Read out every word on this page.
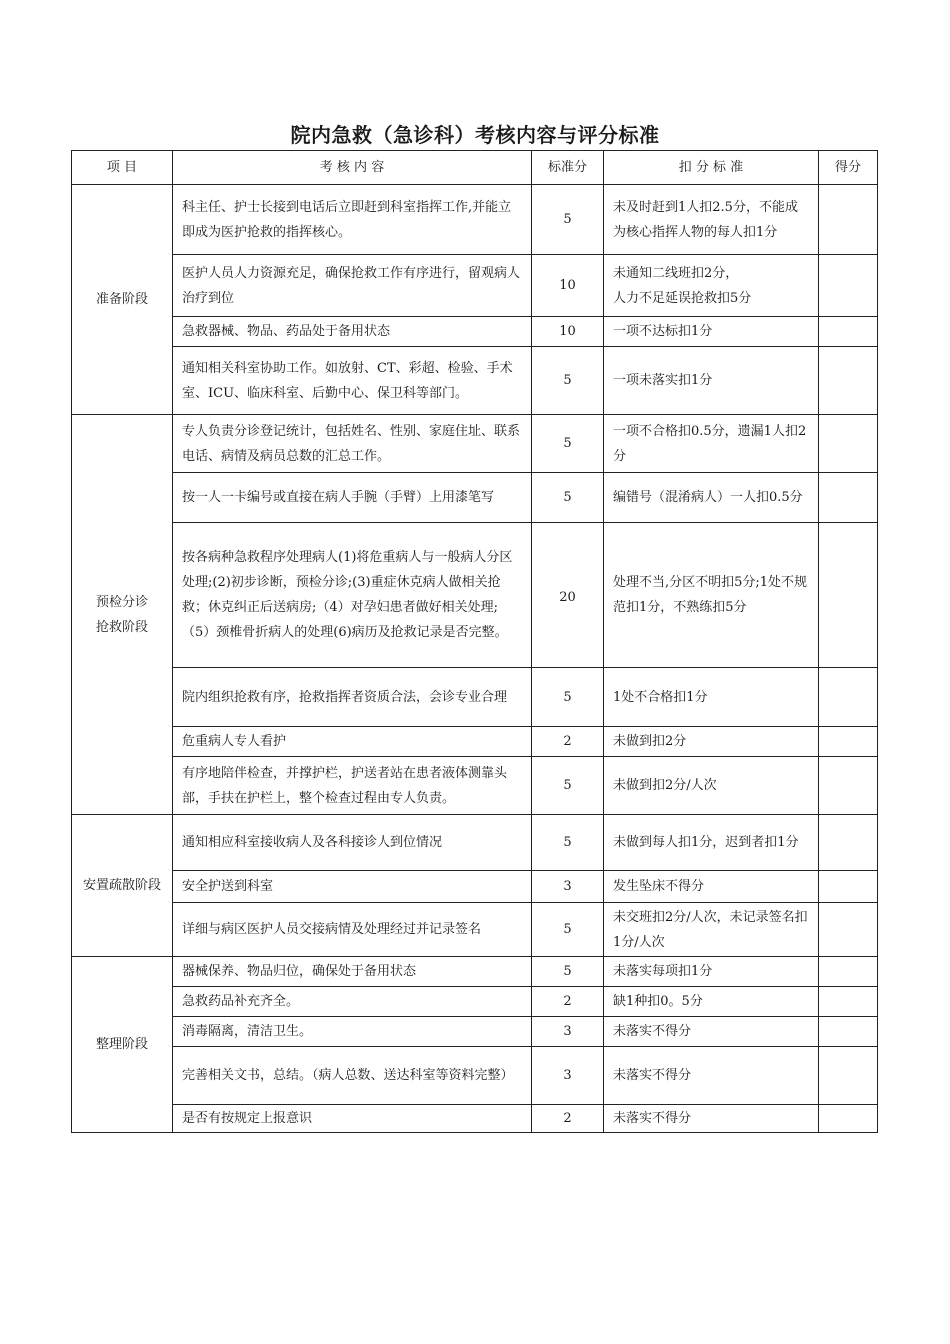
院内急救（急诊科）考核内容与评分标准
项 目	考 核 内 容	标准分	扣 分 标 准	得分
准备阶段	科主任、护士长接到电话后立即赶到科室指挥工作,并能立即成为医护抢救的指挥核心。	5	未及时赶到1人扣2.5分，不能成为核心指挥人物的每人扣1分	
	医护人员人力资源充足，确保抢救工作有序进行，留观病人治疗到位	10	未通知二线班扣2分，
人力不足延误抢救扣5分	
	急救器械、物品、药品处于备用状态	10	一项不达标扣1分	
	通知相关科室协助工作。如放射、CT、彩超、检验、手术室、ICU、临床科室、后勤中心、保卫科等部门。	5	一项未落实扣1分	
预检分诊
抢救阶段	专人负责分诊登记统计，包括姓名、性别、家庭住址、联系电话、病情及病员总数的汇总工作。	5	一项不合格扣0.5分，遗漏1人扣2分	
	按一人一卡编号或直接在病人手腕（手臂）上用漆笔写	5	编错号（混淆病人）一人扣0.5分	
	按各病种急救程序处理病人(1)将危重病人与一般病人分区处理;(2)初步诊断，预检分诊;(3)重症休克病人做相关抢救；休克纠正后送病房;（4）对孕妇患者做好相关处理;（5）颈椎骨折病人的处理(6)病历及抢救记录是否完整。	20	处理不当,分区不明扣5分;1处不规范扣1分，不熟练扣5分	
	院内组织抢救有序，抢救指挥者资质合法，会诊专业合理	5	1处不合格扣1分	
	危重病人专人看护	2	未做到扣2分	
	有序地陪伴检查，并撑护栏，护送者站在患者液体测靠头部，手扶在护栏上，整个检查过程由专人负责。	5	未做到扣2分/人次	
安置疏散阶段	通知相应科室接收病人及各科接诊人到位情况	5	未做到每人扣1分，迟到者扣1分	
	安全护送到科室	3	发生坠床不得分	
	详细与病区医护人员交接病情及处理经过并记录签名	5	未交班扣2分/人次，未记录签名扣1分/人次	
整理阶段	器械保养、物品归位，确保处于备用状态	5	未落实每项扣1分	
	急救药品补充齐全。	2	缺1种扣0。5分	
	消毒隔离，清洁卫生。	3	未落实不得分	
	完善相关文书，总结。（病人总数、送达科室等资料完整）	3	未落实不得分	
	是否有按规定上报意识	2	未落实不得分	
